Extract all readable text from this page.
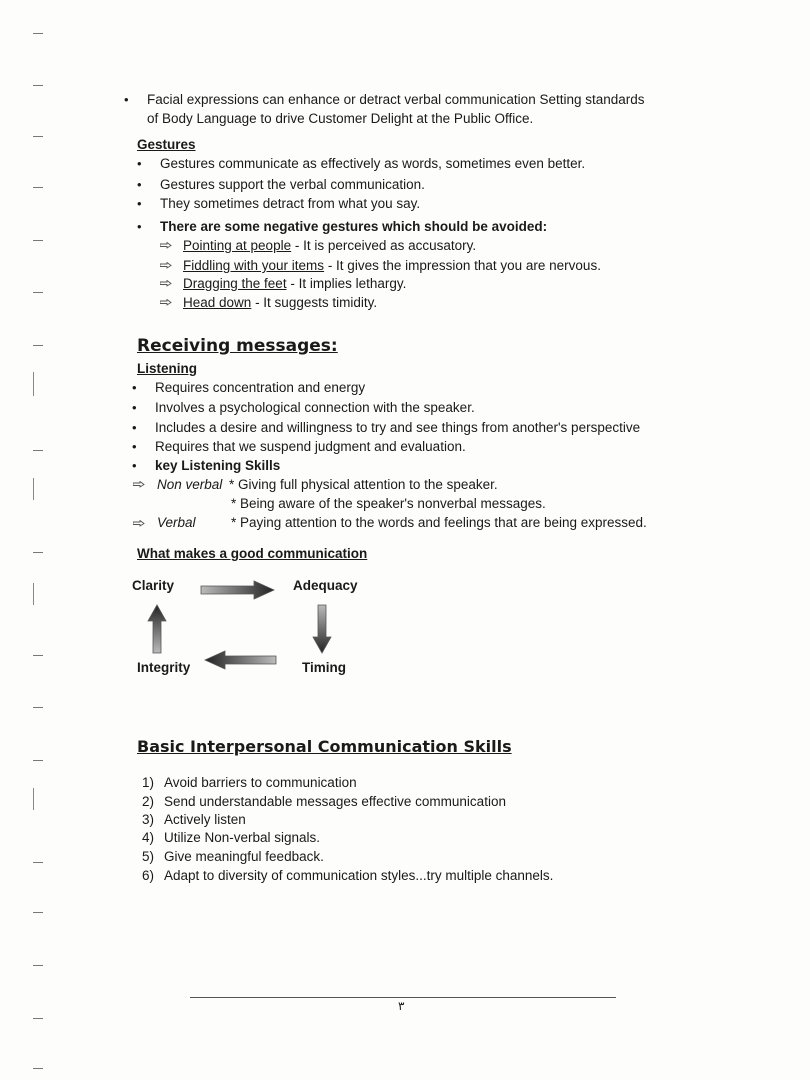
• Facial expressions can enhance or detract verbal communication Setting standards
of Body Language to drive Customer Delight at the Public Office.
Gestures
• Gestures communicate as effectively as words, sometimes even better.
• Gestures support the verbal communication.
• They sometimes detract from what you say.
• There are some negative gestures which should be avoided:
Pointing at people - It is perceived as accusatory.
Fiddling with your items - It gives the impression that you are nervous.
Dragging the feet - It implies lethargy.
Head down - It suggests timidity.
Receiving messages:
Listening
• Requires concentration and energy
• Involves a psychological connection with the speaker.
• Includes a desire and willingness to try and see things from another's perspective
• Requires that we suspend judgment and evaluation.
• key Listening Skills
Non verbal * Giving full physical attention to the speaker.
* Being aware of the speaker's nonverbal messages.
Verbal	* Paying attention to the words and feelings that are being expressed.
What makes a good communication
Clarity	Adequacy
Integrity	Timing
Basic Interpersonal Communication Skills
1) Avoid barriers to communication
2) Send understandable messages effective communication
3) Actively listen
4) Utilize Non-verbal signals.
5) Give meaningful feedback.
6) Adapt to diversity of communication styles...try multiple channels.
٣
